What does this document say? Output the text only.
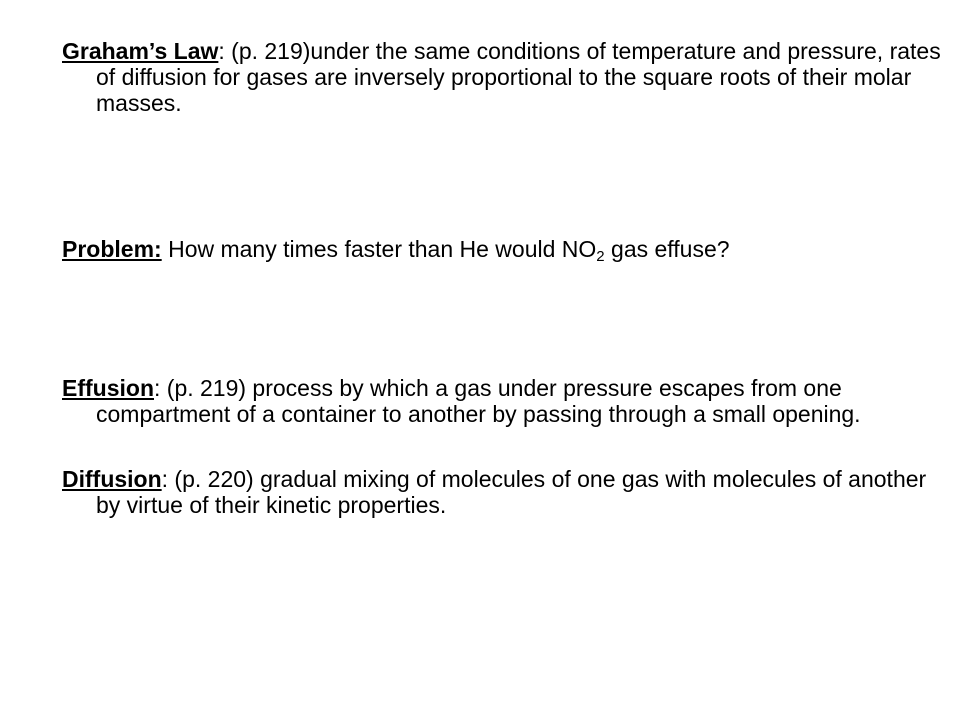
Graham’s Law: (p. 219)under the same conditions of temperature and pressure, rates of diffusion for gases are inversely proportional to the square roots of their molar masses.

Problem: How many times faster than He would $NO_2$ gas effuse?

Effusion: (p. 219) process by which a gas under pressure escapes from one compartment of a container to another by passing through a small opening.

Diffusion: (p. 220) gradual mixing of molecules of one gas with molecules of another by virtue of their kinetic properties.
